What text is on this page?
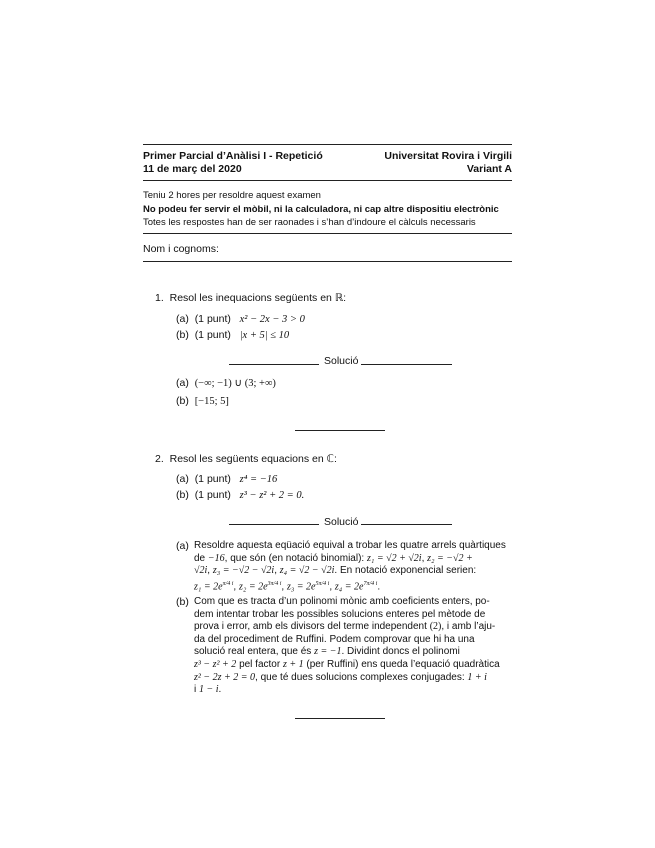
Primer Parcial d’Anàlisi I - Repetició	Universitat Rovira i Virgili
11 de març del 2020	Variant A
Teniu 2 hores per resoldre aquest examen
No podeu fer servir el mòbil, ni la calculadora, ni cap altre dispositiu electrònic
Totes les respostes han de ser raonades i s’han d’indoure el càlculs necessaris
Nom i cognoms:
1. Resol les inequacions següents en ℝ:
(a) (1 punt) x² − 2x − 3 > 0
(b) (1 punt) |x + 5| ≤ 10
Solució
(a) (−∞; −1) ∪ (3; +∞)
(b) [−15; 5]
2. Resol les següents equacions en ℂ:
(a) (1 punt) z⁴ = −16
(b) (1 punt) z³ − z² + 2 = 0.
Solució
(a) Resoldre aquesta eqüació equival a trobar les quatre arrels quàrtiques
de −16, que són (en notació binomial): z₁ = √2 + √2i, z₂ = −√2 +
√2i, z₃ = −√2 − √2i, z₄ = √2 − √2i. En notació exponencial serien:
$z_1 = 2e^{\pi/4 i}$, $z_2 = 2e^{3\pi/4 i}$, $z_3 = 2e^{5\pi/4 i}$, $z_4 = 2e^{7\pi/4 i}$.
(b) Com que es tracta d’un polinomi mònic amb coeficients enters, po-
dem intentar trobar les possibles solucions enteres pel mètode de
prova i error, amb els divisors del terme independent (2), i amb l’aju-
da del procediment de Ruffini. Podem comprovar que hi ha una
solució real entera, que és z = −1. Dividint doncs el polinomi
z³ − z² + 2 pel factor z + 1 (per Ruffini) ens queda l’equació quadràtica
z² − 2z + 2 = 0, que té dues solucions complexes conjugades: 1 + i
i 1 − i.
